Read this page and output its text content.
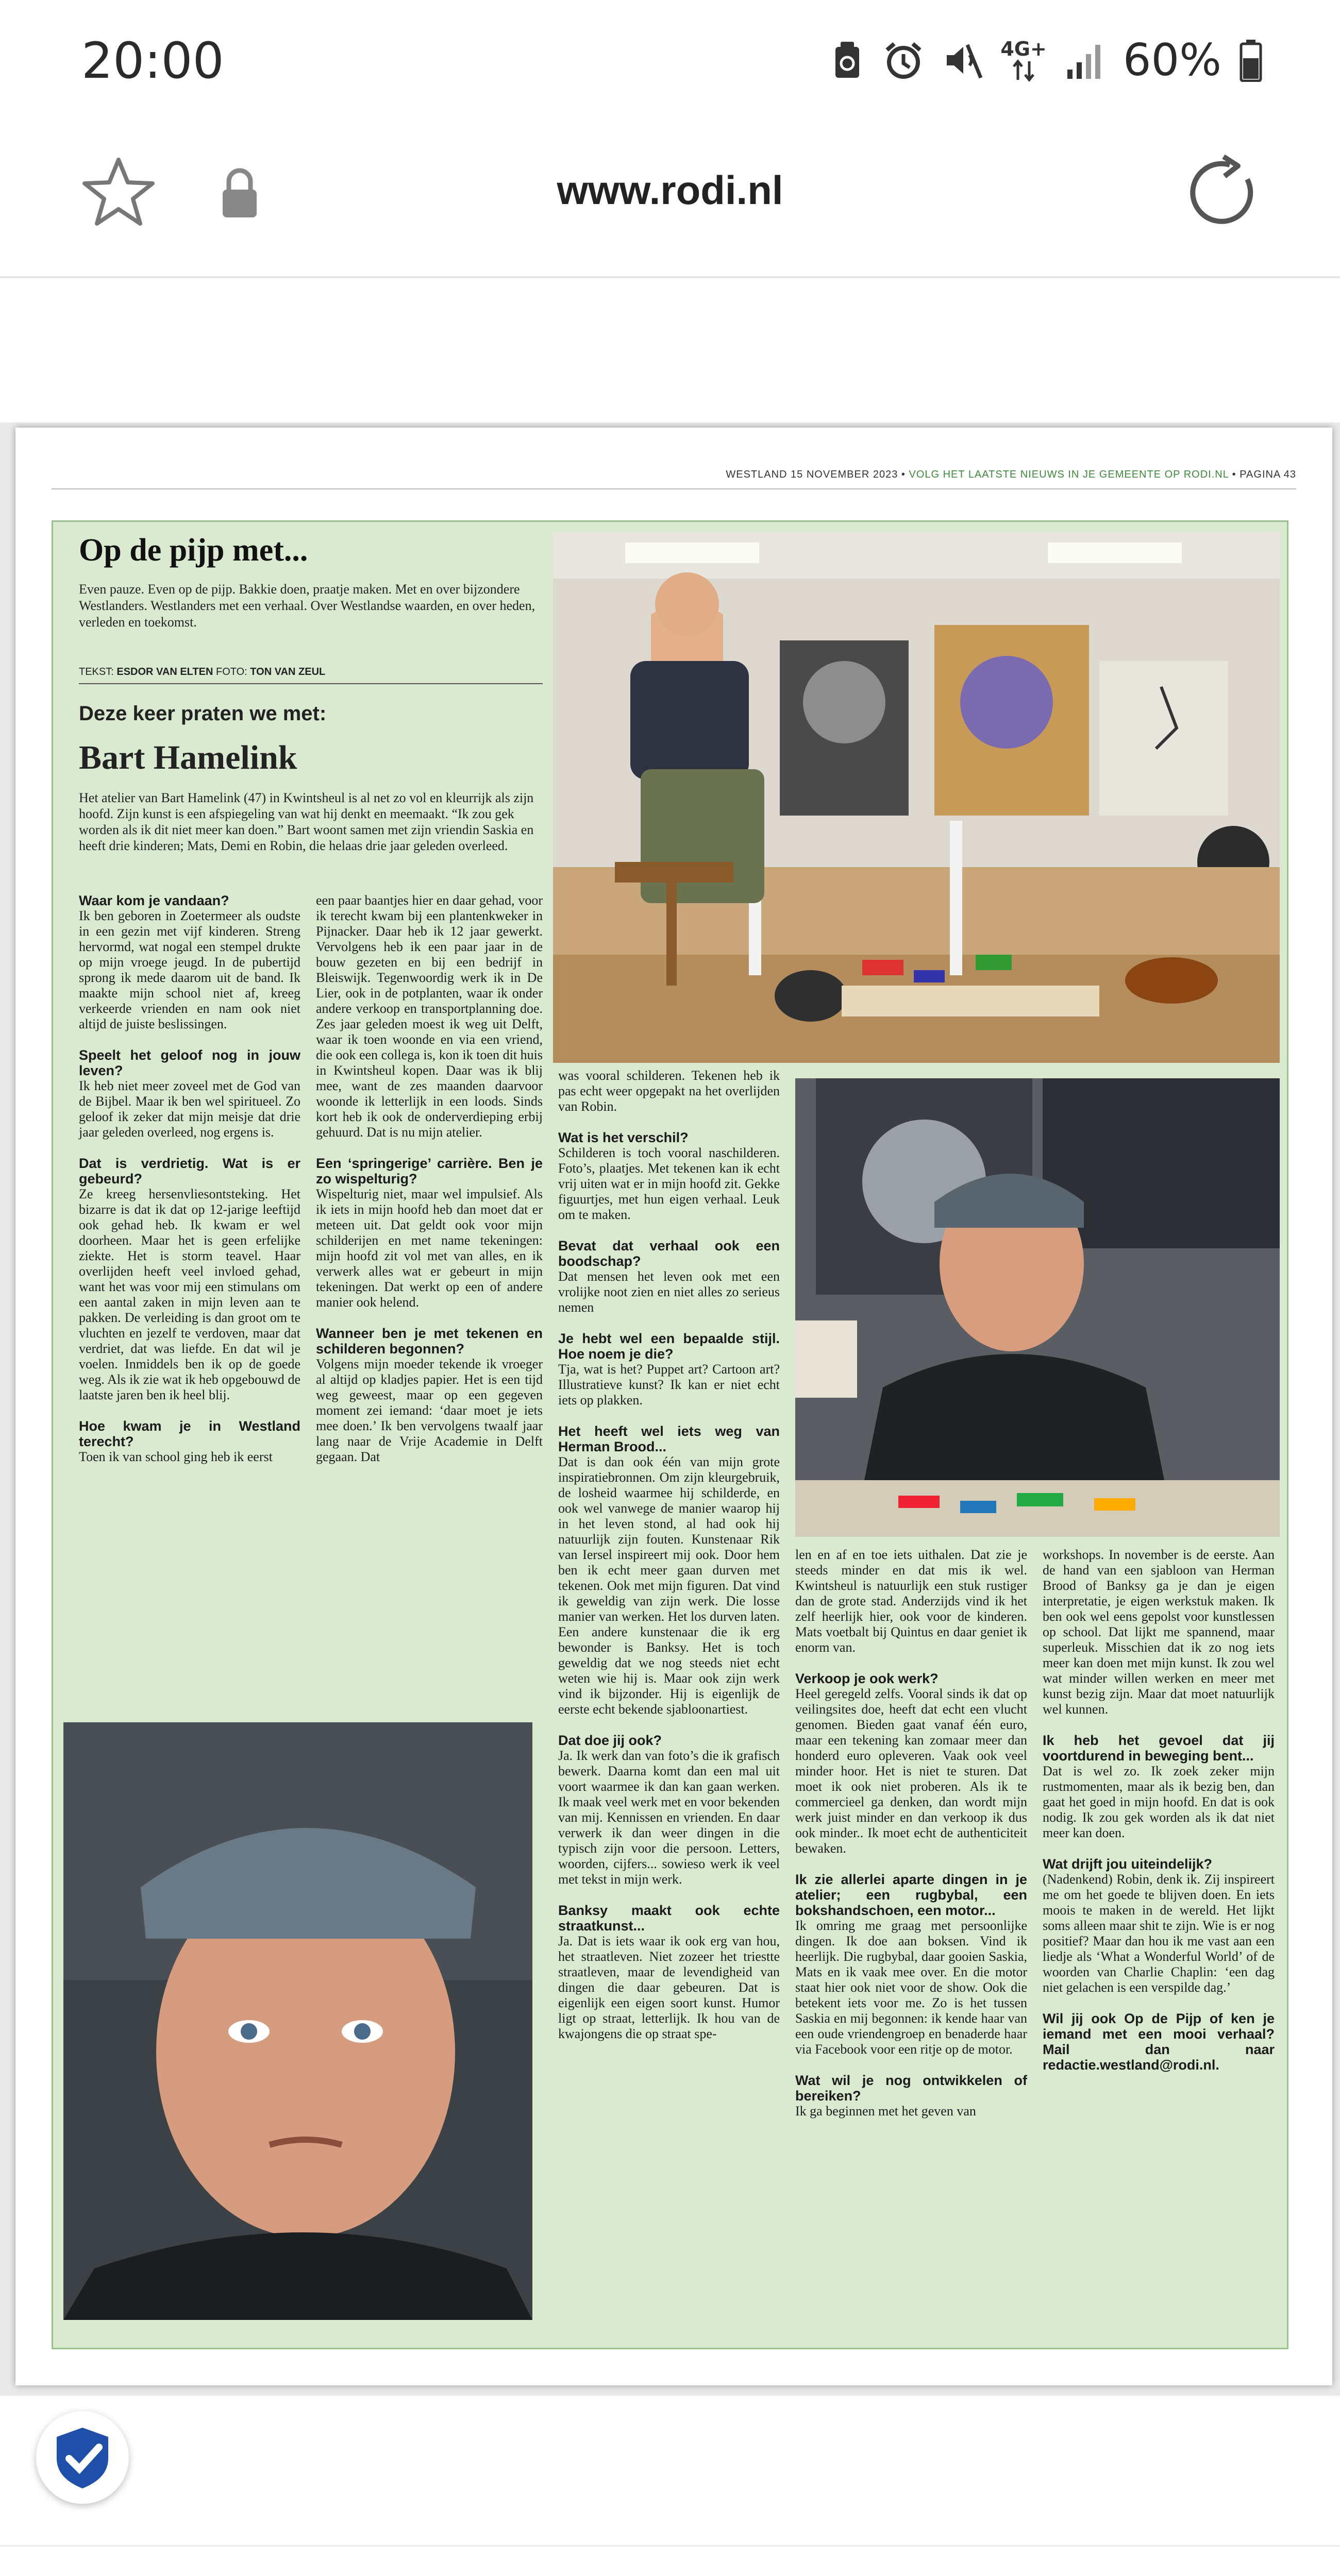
20:00	4G+ 60%
www.rodi.nl
WESTLAND 15 NOVEMBER 2023 • VOLG HET LAATSTE NIEUWS IN JE GEMEENTE OP RODI.NL • PAGINA 43
Op de pijp met...
Even pauze. Even op de pijp. Bakkie doen, praatje maken. Met en over bijzondere Westlanders. Westlanders met een verhaal. Over Westlandse waarden, en over heden, verleden en toekomst.
TEKST: ESDOR VAN ELTEN FOTO: TON VAN ZEUL
Deze keer praten we met:
Bart Hamelink
Het atelier van Bart Hamelink (47) in Kwintsheul is al net zo vol en kleurrijk als zijn hoofd. Zijn kunst is een afspiegeling van wat hij denkt en meemaakt. “Ik zou gek worden als ik dit niet meer kan doen.” Bart woont samen met zijn vriendin Saskia en heeft drie kinderen; Mats, Demi en Robin, die helaas drie jaar geleden overleed.
Waar kom je vandaan?

Ik ben geboren in Zoetermeer als oudste in een gezin met vijf kinderen. Streng hervormd, wat nogal een stempel drukte op mijn vroege jeugd. In de pubertijd sprong ik mede daarom uit de band. Ik maakte mijn school niet af, kreeg verkeerde vrienden en nam ook niet altijd de juiste beslissingen.

Speelt het geloof nog in jouw leven?

Ik heb niet meer zoveel met de God van de Bijbel. Maar ik ben wel spiritueel. Zo geloof ik zeker dat mijn meisje dat drie jaar geleden overleed, nog ergens is.

Dat is verdrietig. Wat is er gebeurd?

Ze kreeg hersenvliesontsteking. Het bizarre is dat ik dat op 12-jarige leeftijd ook gehad heb. Ik kwam er wel doorheen. Maar het is geen erfelijke ziekte. Het is storm teavel. Haar overlijden heeft veel invloed gehad, want het was voor mij een stimulans om een aantal zaken in mijn leven aan te pakken. De verleiding is dan groot om te vluchten en jezelf te verdoven, maar dat verdriet, dat was liefde. En dat wil je voelen. Inmiddels ben ik op de goede weg. Als ik zie wat ik heb opgebouwd de laatste jaren ben ik heel blij.

Hoe kwam je in Westland terecht?

Toen ik van school ging heb ik eerst

een paar baantjes hier en daar gehad, voor ik terecht kwam bij een plantenkweker in Pijnacker. Daar heb ik 12 jaar gewerkt. Vervolgens heb ik een paar jaar in de bouw gezeten en bij een bedrijf in Bleiswijk. Tegenwoordig werk ik in De Lier, ook in de potplanten, waar ik onder andere verkoop en transportplanning doe. Zes jaar geleden moest ik weg uit Delft, waar ik toen woonde en via een vriend, die ook een collega is, kon ik toen dit huis in Kwintsheul kopen. Daar was ik blij mee, want de zes maanden daarvoor woonde ik letterlijk in een loods. Sinds kort heb ik ook de onderverdieping erbij gehuurd. Dat is nu mijn atelier.

Een ‘springerige’ carrière. Ben je zo wispelturig?

Wispelturig niet, maar wel impulsief. Als ik iets in mijn hoofd heb dan moet dat er meteen uit. Dat geldt ook voor mijn schilderijen en met name tekeningen: mijn hoofd zit vol met van alles, en ik verwerk alles wat er gebeurt in mijn tekeningen. Dat werkt op een of andere manier ook helend.

Wanneer ben je met tekenen en schilderen begonnen?

Volgens mijn moeder tekende ik vroeger al altijd op kladjes papier. Het is een tijd weg geweest, maar op een gegeven moment zei iemand: ‘daar moet je iets mee doen.’ Ik ben vervolgens twaalf jaar lang naar de Vrije Academie in Delft gegaan. Dat

was vooral schilderen. Tekenen heb ik pas echt weer opgepakt na het overlijden van Robin.

Wat is het verschil?

Schilderen is toch vooral naschilderen. Foto’s, plaatjes. Met tekenen kan ik echt vrij uiten wat er in mijn hoofd zit. Gekke figuurtjes, met hun eigen verhaal. Leuk om te maken.

Bevat dat verhaal ook een boodschap?

Dat mensen het leven ook met een vrolijke noot zien en niet alles zo serieus nemen

Je hebt wel een bepaalde stijl. Hoe noem je die?

Tja, wat is het? Puppet art? Cartoon art? Illustratieve kunst? Ik kan er niet echt iets op plakken.

Het heeft wel iets weg van Herman Brood...

Dat is dan ook één van mijn grote inspiratiebronnen. Om zijn kleurgebruik, de losheid waarmee hij schilderde, en ook wel vanwege de manier waarop hij in het leven stond, al had ook hij natuurlijk zijn fouten. Kunstenaar Rik van Iersel inspireert mij ook. Door hem ben ik echt meer gaan durven met tekenen. Ook met mijn figuren. Dat vind ik geweldig van zijn werk. Die losse manier van werken. Het los durven laten. Een andere kunstenaar die ik erg bewonder is Banksy. Het is toch geweldig dat we nog steeds niet echt weten wie hij is. Maar ook zijn werk vind ik bijzonder. Hij is eigenlijk de eerste echt bekende sjabloonartiest.

Dat doe jij ook?

Ja. Ik werk dan van foto’s die ik grafisch bewerk. Daarna komt dan een mal uit voort waarmee ik dan kan gaan werken. Ik maak veel werk met en voor bekenden van mij. Kennissen en vrienden. En daar verwerk ik dan weer dingen in die typisch zijn voor die persoon. Letters, woorden, cijfers... sowieso werk ik veel met tekst in mijn werk.

Banksy maakt ook echte straatkunst...

Ja. Dat is iets waar ik ook erg van hou, het straatleven. Niet zozeer het triestte straatleven, maar de levendigheid van dingen die daar gebeuren. Dat is eigenlijk een eigen soort kunst. Humor ligt op straat, letterlijk. Ik hou van de kwajongens die op straat spe-

len en af en toe iets uithalen. Dat zie je steeds minder en dat mis ik wel. Kwintsheul is natuurlijk een stuk rustiger dan de grote stad. Anderzijds vind ik het zelf heerlijk hier, ook voor de kinderen. Mats voetbalt bij Quintus en daar geniet ik enorm van.

Verkoop je ook werk?

Heel geregeld zelfs. Vooral sinds ik dat op veilingsites doe, heeft dat echt een vlucht genomen. Bieden gaat vanaf één euro, maar een tekening kan zomaar meer dan honderd euro opleveren. Vaak ook veel minder hoor. Het is niet te sturen. Dat moet ik ook niet proberen. Als ik te commercieel ga denken, dan wordt mijn werk juist minder en dan verkoop ik dus ook minder.. Ik moet echt de authenticiteit bewaken.

Ik zie allerlei aparte dingen in je atelier; een rugbybal, een bokshandschoen, een motor...

Ik omring me graag met persoonlijke dingen. Ik doe aan boksen. Vind ik heerlijk. Die rugbybal, daar gooien Saskia, Mats en ik vaak mee over. En die motor staat hier ook niet voor de show. Ook die betekent iets voor me. Zo is het tussen Saskia en mij begonnen: ik kende haar van een oude vriendengroep en benaderde haar via Facebook voor een ritje op de motor.

Wat wil je nog ontwikkelen of bereiken?

Ik ga beginnen met het geven van

workshops. In november is de eerste. Aan de hand van een sjabloon van Herman Brood of Banksy ga je dan je eigen interpretatie, je eigen werkstuk maken. Ik ben ook wel eens gepolst voor kunstlessen op school. Dat lijkt me spannend, maar superleuk. Misschien dat ik zo nog iets meer kan doen met mijn kunst. Ik zou wel wat minder willen werken en meer met kunst bezig zijn. Maar dat moet natuurlijk wel kunnen.

Ik heb het gevoel dat jij voortdurend in beweging bent...

Dat is wel zo. Ik zoek zeker mijn rustmomenten, maar als ik bezig ben, dan gaat het goed in mijn hoofd. En dat is ook nodig. Ik zou gek worden als ik dat niet meer kan doen.

Wat drijft jou uiteindelijk?

(Nadenkend) Robin, denk ik. Zij inspireert me om het goede te blijven doen. En iets moois te maken in de wereld. Het lijkt soms alleen maar shit te zijn. Wie is er nog positief? Maar dan hou ik me vast aan een liedje als ‘What a Wonderful World’ of de woorden van Charlie Chaplin: ‘een dag niet gelachen is een verspilde dag.’

Wil jij ook Op de Pijp of ken je iemand met een mooi verhaal? Mail dan naar redactie.westland@rodi.nl.
